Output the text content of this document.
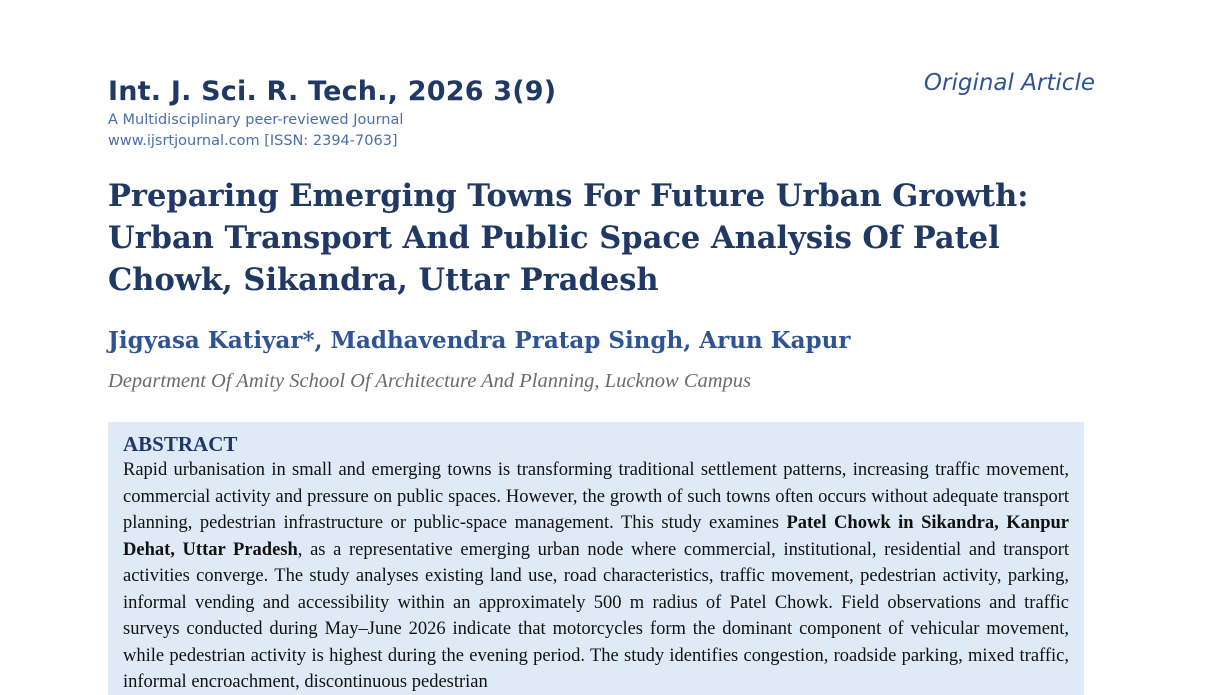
Int. J. Sci. R. Tech., 2026 3(9)
A Multidisciplinary peer-reviewed Journal
www.ijsrtjournal.com [ISSN: 2394-7063]
Original Article
Preparing Emerging Towns For Future Urban Growth: Urban Transport And Public Space Analysis Of Patel Chowk, Sikandra, Uttar Pradesh
Jigyasa Katiyar*, Madhavendra Pratap Singh, Arun Kapur
Department Of Amity School Of Architecture And Planning, Lucknow Campus
ABSTRACT

Rapid urbanisation in small and emerging towns is transforming traditional settlement patterns, increasing traffic movement, commercial activity and pressure on public spaces. However, the growth of such towns often occurs without adequate transport planning, pedestrian infrastructure or public-space management. This study examines Patel Chowk in Sikandra, Kanpur Dehat, Uttar Pradesh, as a representative emerging urban node where commercial, institutional, residential and transport activities converge. The study analyses existing land use, road characteristics, traffic movement, pedestrian activity, parking, informal vending and accessibility within an approximately 500 m radius of Patel Chowk. Field observations and traffic surveys conducted during May–June 2026 indicate that motorcycles form the dominant component of vehicular movement, while pedestrian activity is highest during the evening period. The study identifies congestion, roadside parking, mixed traffic, informal encroachment, discontinuous pedestrian
